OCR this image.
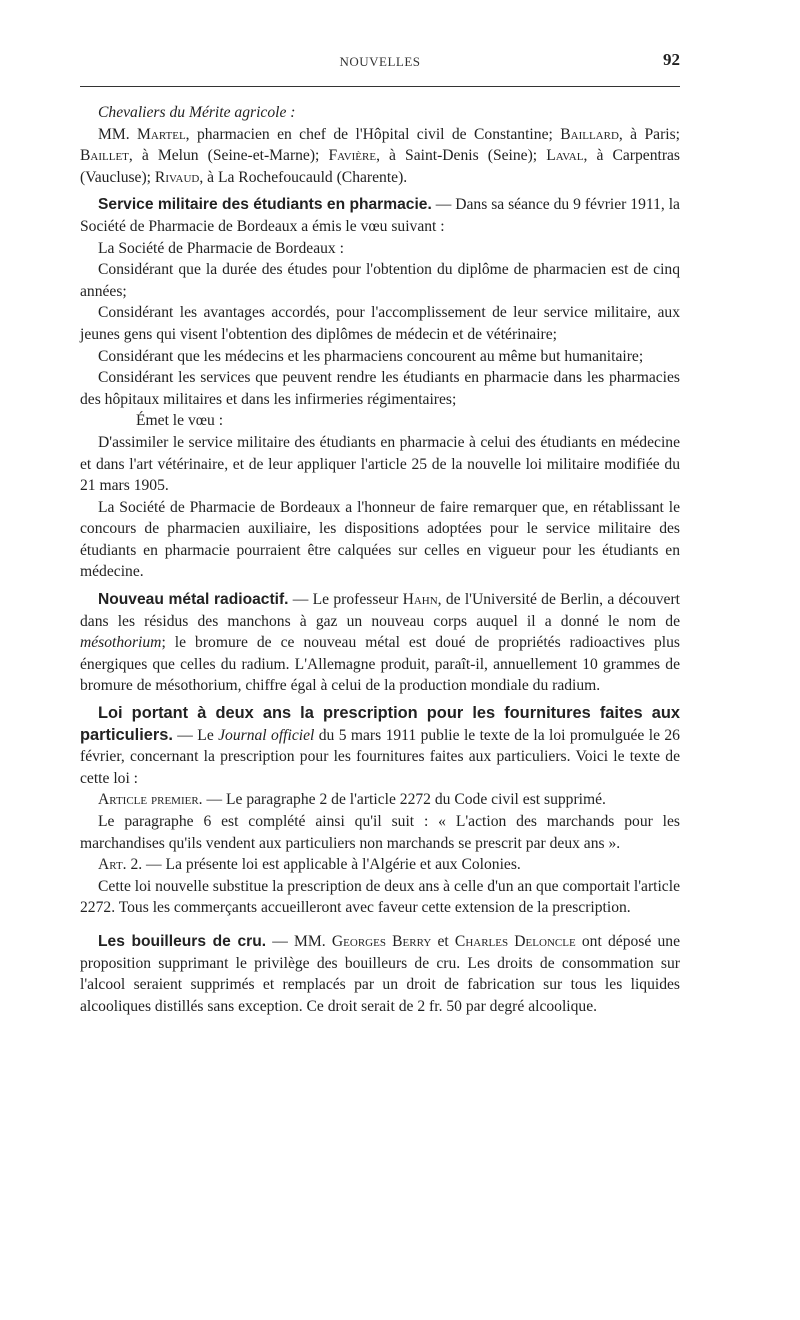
NOUVELLES	92

Chevaliers du Mérite agricole :

MM. Martel, pharmacien en chef de l'Hôpital civil de Constantine; Baillard, à Paris; Baillet, à Melun (Seine-et-Marne); Favière, à Saint-Denis (Seine); Laval, à Carpentras (Vaucluse); Rivaud, à La Rochefoucauld (Charente).

Service militaire des étudiants en pharmacie. — Dans sa séance du 9 février 1911, la Société de Pharmacie de Bordeaux a émis le vœu suivant :

La Société de Pharmacie de Bordeaux :

Considérant que la durée des études pour l'obtention du diplôme de pharmacien est de cinq années;

Considérant les avantages accordés, pour l'accomplissement de leur service militaire, aux jeunes gens qui visent l'obtention des diplômes de médecin et de vétérinaire;

Considérant que les médecins et les pharmaciens concourent au même but humanitaire;

Considérant les services que peuvent rendre les étudiants en pharmacie dans les pharmacies des hôpitaux militaires et dans les infirmeries régimentaires;

Émet le vœu :

D'assimiler le service militaire des étudiants en pharmacie à celui des étudiants en médecine et dans l'art vétérinaire, et de leur appliquer l'article 25 de la nouvelle loi militaire modifiée du 21 mars 1905.

La Société de Pharmacie de Bordeaux a l'honneur de faire remarquer que, en rétablissant le concours de pharmacien auxiliaire, les dispositions adoptées pour le service militaire des étudiants en pharmacie pourraient être calquées sur celles en vigueur pour les étudiants en médecine.

Nouveau métal radioactif. — Le professeur Hahn, de l'Université de Berlin, a découvert dans les résidus des manchons à gaz un nouveau corps auquel il a donné le nom de mésothorium; le bromure de ce nouveau métal est doué de propriétés radioactives plus énergiques que celles du radium. L'Allemagne produit, paraît-il, annuellement 10 grammes de bromure de mésothorium, chiffre égal à celui de la production mondiale du radium.

Loi portant à deux ans la prescription pour les fournitures faites aux particuliers. — Le Journal officiel du 5 mars 1911 publie le texte de la loi promulguée le 26 février, concernant la prescription pour les fournitures faites aux particuliers. Voici le texte de cette loi :

Article premier. — Le paragraphe 2 de l'article 2272 du Code civil est supprimé.

Le paragraphe 6 est complété ainsi qu'il suit : « L'action des marchands pour les marchandises qu'ils vendent aux particuliers non marchands se prescrit par deux ans ».

Art. 2. — La présente loi est applicable à l'Algérie et aux Colonies.

Cette loi nouvelle substitue la prescription de deux ans à celle d'un an que comportait l'article 2272. Tous les commerçants accueilleront avec faveur cette extension de la prescription.

Les bouilleurs de cru. — MM. Georges Berry et Charles Deloncle ont déposé une proposition supprimant le privilège des bouilleurs de cru. Les droits de consommation sur l'alcool seraient supprimés et remplacés par un droit de fabrication sur tous les liquides alcooliques distillés sans exception. Ce droit serait de 2 fr. 50 par degré alcoolique.
